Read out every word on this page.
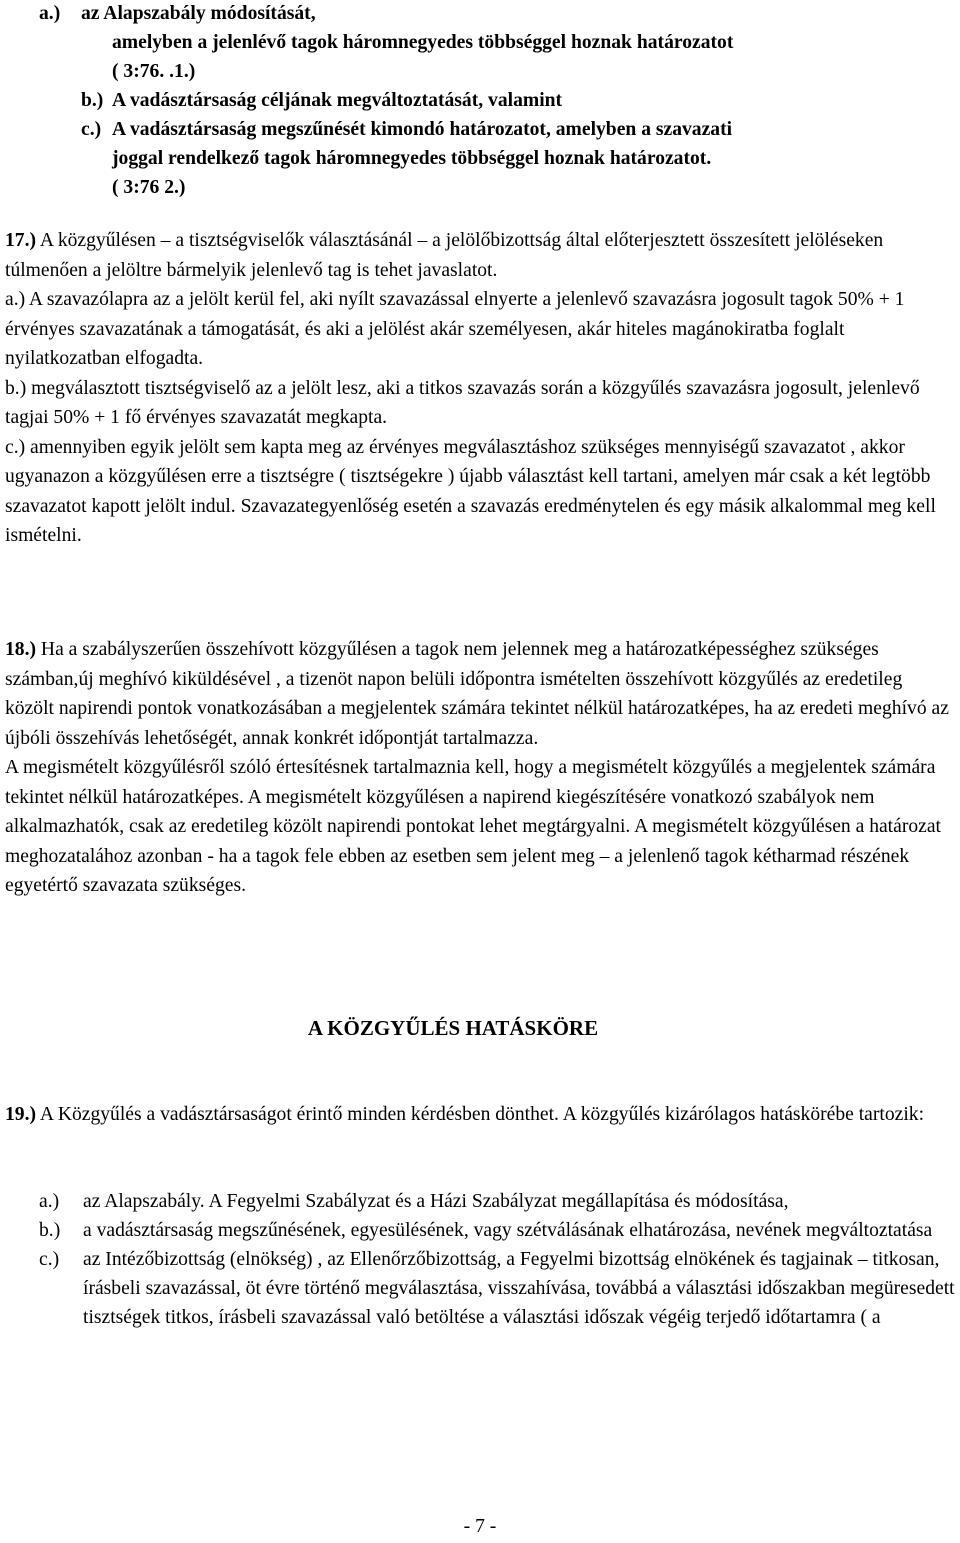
a.) az Alapszabály módosítását,
amelyben a jelenlévő tagok háromnegyedes többséggel hoznak határozatot
( 3:76. .1.)
b.) A vadásztársaság céljának megváltoztatását, valamint
c.) A vadásztársaság megszűnését kimondó határozatot, amelyben a szavazati
joggal rendelkező tagok háromnegyedes többséggel hoznak határozatot.
( 3:76 2.)

17.) A közgyűlésen – a tisztségviselők választásánál – a jelölőbizottság által előterjesztett összesített jelöléseken túlmenően a jelöltre bármelyik jelenlevő tag is tehet javaslatot.

a.) A szavazólapra az a jelölt kerül fel, aki nyílt szavazással elnyerte a jelenlevő szavazásra jogosult tagok 50% + 1 érvényes szavazatának a támogatását, és aki a jelölést akár személyesen, akár hiteles magánokiratba foglalt nyilatkozatban elfogadta.

b.) megválasztott tisztségviselő az a jelölt lesz, aki a titkos szavazás során a közgyűlés szavazásra jogosult, jelenlevő tagjai 50% + 1 fő érvényes szavazatát megkapta.

c.) amennyiben egyik jelölt sem kapta meg az érvényes megválasztáshoz szükséges mennyiségű szavazatot , akkor ugyanazon a közgyűlésen erre a tisztségre ( tisztségekre ) újabb választást kell tartani, amelyen már csak a két legtöbb szavazatot kapott jelölt indul. Szavazategyenlőség esetén a szavazás eredménytelen és egy másik alkalommal meg kell ismételni.

18.) Ha a szabályszerűen összehívott közgyűlésen a tagok nem jelennek meg a határozatképességhez szükséges számban,új meghívó kiküldésével , a tizenöt napon belüli időpontra ismételten összehívott közgyűlés az eredetileg közölt napirendi pontok vonatkozásában a megjelentek számára tekintet nélkül határozatképes, ha az eredeti meghívó az újbóli összehívás lehetőségét, annak konkrét időpontját tartalmazza.

A megismételt közgyűlésről szóló értesítésnek tartalmaznia kell, hogy a megismételt közgyűlés a megjelentek számára tekintet nélkül határozatképes. A megismételt közgyűlésen a napirend kiegészítésére vonatkozó szabályok nem alkalmazhatók, csak az eredetileg közölt napirendi pontokat lehet megtárgyalni. A megismételt közgyűlésen a határozat meghozatalához azonban - ha a tagok fele ebben az esetben sem jelent meg – a jelenlenő tagok kétharmad részének egyetértő szavazata szükséges.

A KÖZGYŰLÉS HATÁSKÖRE

19.) A Közgyűlés a vadásztársaságot érintő minden kérdésben dönthet. A közgyűlés kizárólagos hatáskörébe tartozik:

a.) az Alapszabály. A Fegyelmi Szabályzat és a Házi Szabályzat megállapítása és módosítása,
b.) a vadásztársaság megszűnésének, egyesülésének, vagy szétválásának elhatározása, nevének megváltoztatása
c.) az Intézőbizottság (elnökség) , az Ellenőrzőbizottság, a Fegyelmi bizottság elnökének és tagjainak – titkosan, írásbeli szavazással, öt évre történő megválasztása, visszahívása, továbbá a választási időszakban megüresedett tisztségek titkos, írásbeli szavazással való betöltése a választási időszak végéig terjedő időtartamra ( a

- 7 -
